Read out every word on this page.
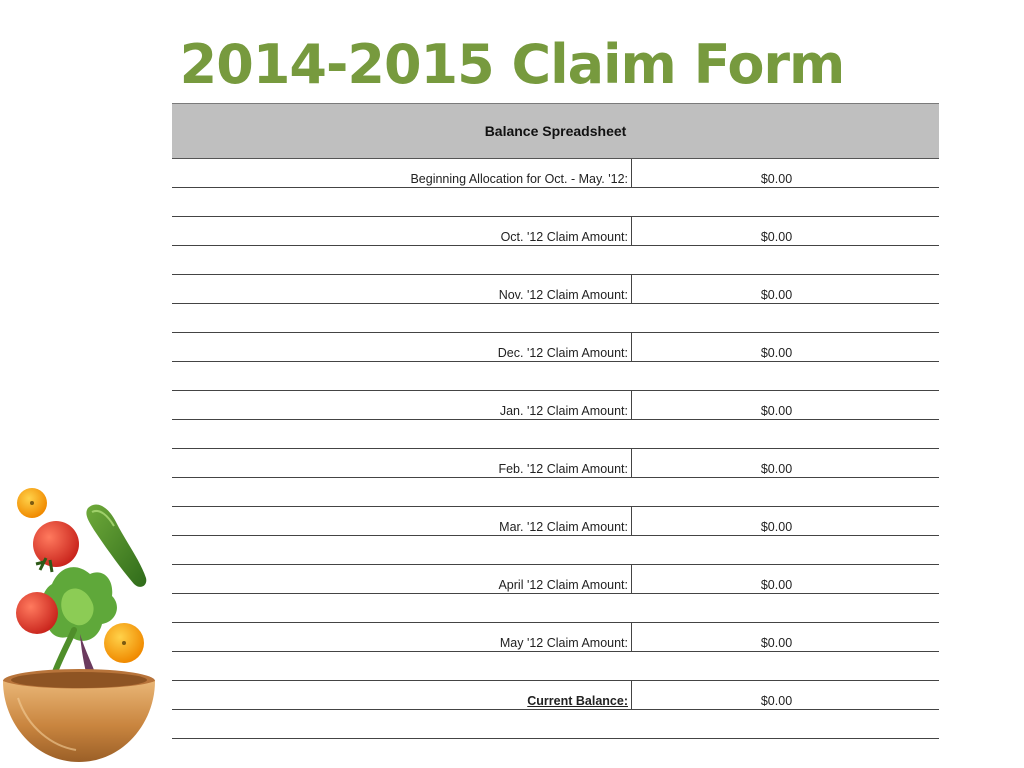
2014-2015 Claim Form
Balance Spreadsheet
Beginning Allocation for Oct. - May. '12:	$0.00
Oct. '12 Claim Amount:	$0.00
Nov. '12 Claim Amount:	$0.00
Dec. '12 Claim Amount:	$0.00
Jan. '12 Claim Amount:	$0.00
Feb. '12 Claim Amount:	$0.00
Mar. '12 Claim Amount:	$0.00
April '12 Claim Amount:	$0.00
May '12 Claim Amount:	$0.00
Current Balance:	$0.00
